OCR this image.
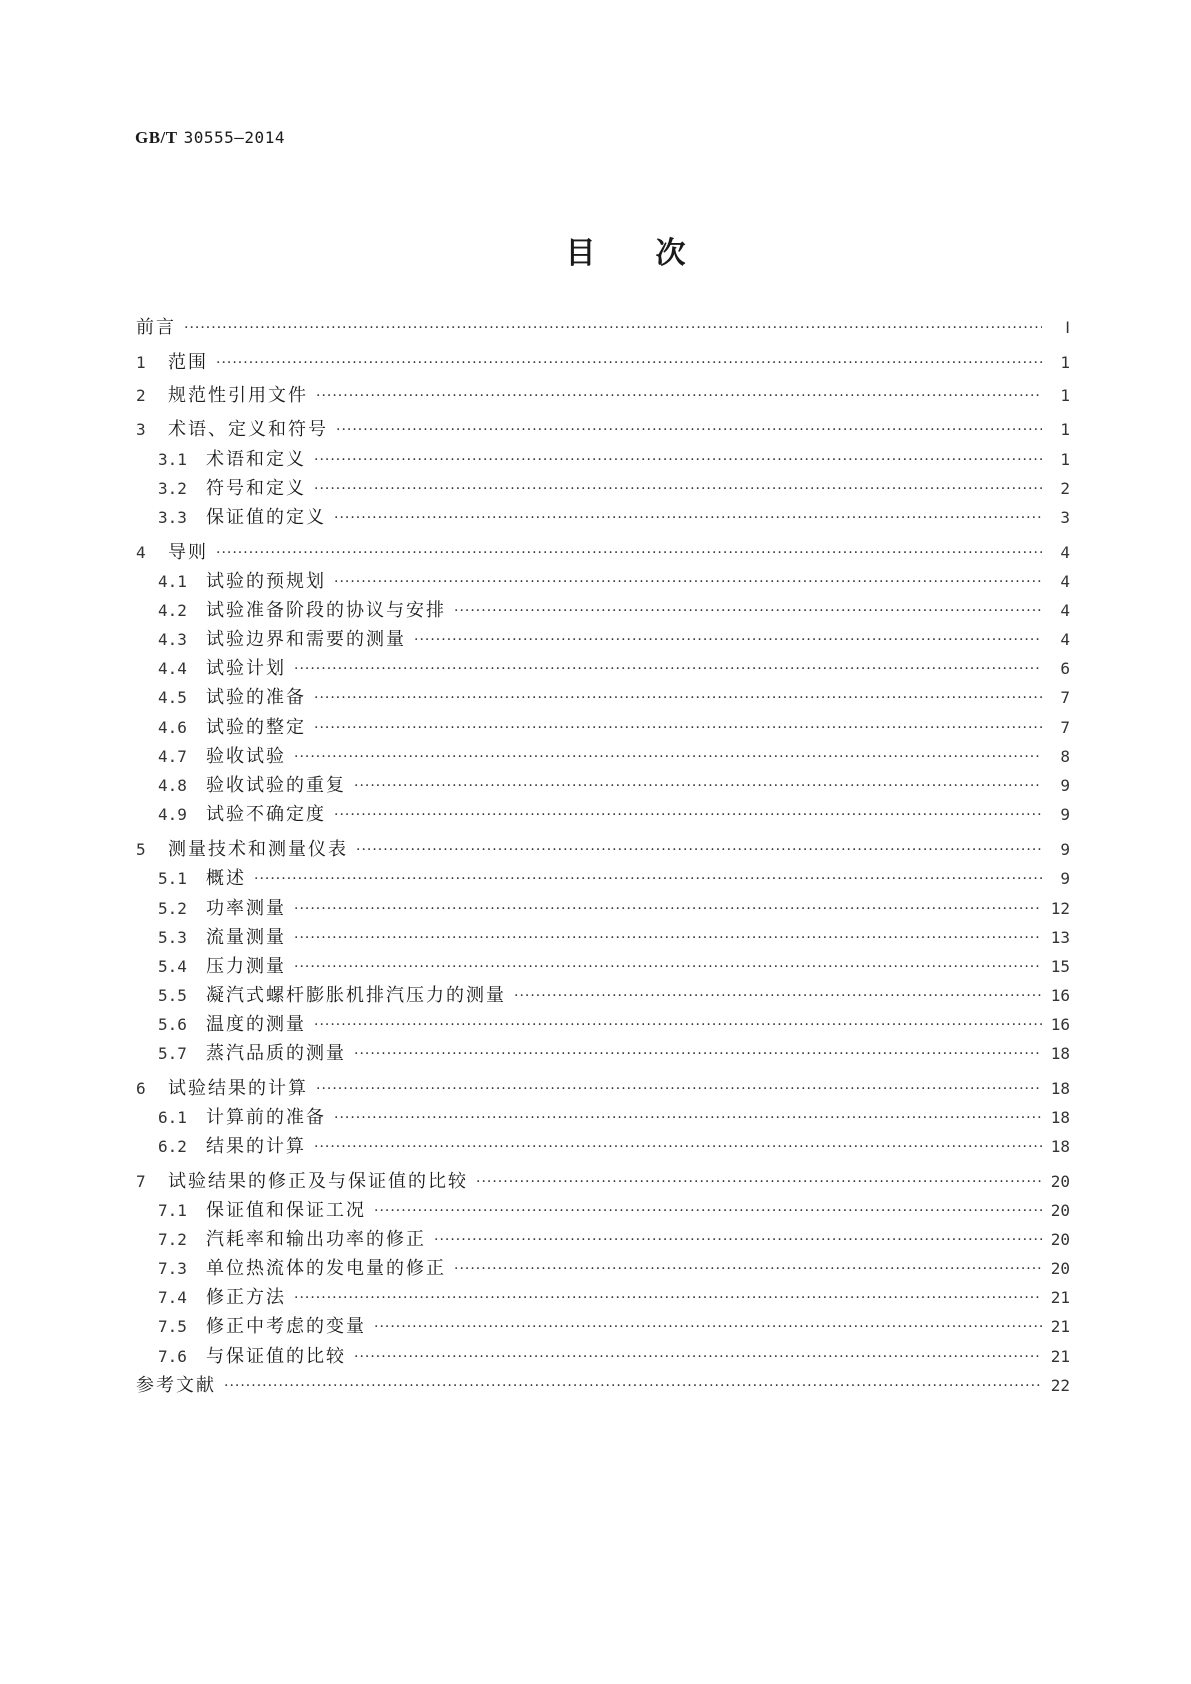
GB/T 30555—2014
目次
前言 ·····	Ⅰ
1	范围 ·····	1
2	规范性引用文件 ·····	1
3	术语、定义和符号 ·····	1
3.1	术语和定义 ·····	1
3.2	符号和定义 ·····	2
3.3	保证值的定义 ·····	3
4	导则 ·····	4
4.1	试验的预规划 ·····	4
4.2	试验准备阶段的协议与安排 ·····	4
4.3	试验边界和需要的测量 ·····	4
4.4	试验计划 ·····	6
4.5	试验的准备 ·····	7
4.6	试验的整定 ·····	7
4.7	验收试验 ·····	8
4.8	验收试验的重复 ·····	9
4.9	试验不确定度 ·····	9
5	测量技术和测量仪表 ·····	9
5.1	概述 ·····	9
5.2	功率测量 ·····	12
5.3	流量测量 ·····	13
5.4	压力测量 ·····	15
5.5	凝汽式螺杆膨胀机排汽压力的测量 ·····	16
5.6	温度的测量 ·····	16
5.7	蒸汽品质的测量 ·····	18
6	试验结果的计算 ·····	18
6.1	计算前的准备 ·····	18
6.2	结果的计算 ·····	18
7	试验结果的修正及与保证值的比较 ·····	20
7.1	保证值和保证工况 ·····	20
7.2	汽耗率和输出功率的修正 ·····	20
7.3	单位热流体的发电量的修正 ·····	20
7.4	修正方法 ·····	21
7.5	修正中考虑的变量 ·····	21
7.6	与保证值的比较 ·····	21
参考文献 ·····	22
